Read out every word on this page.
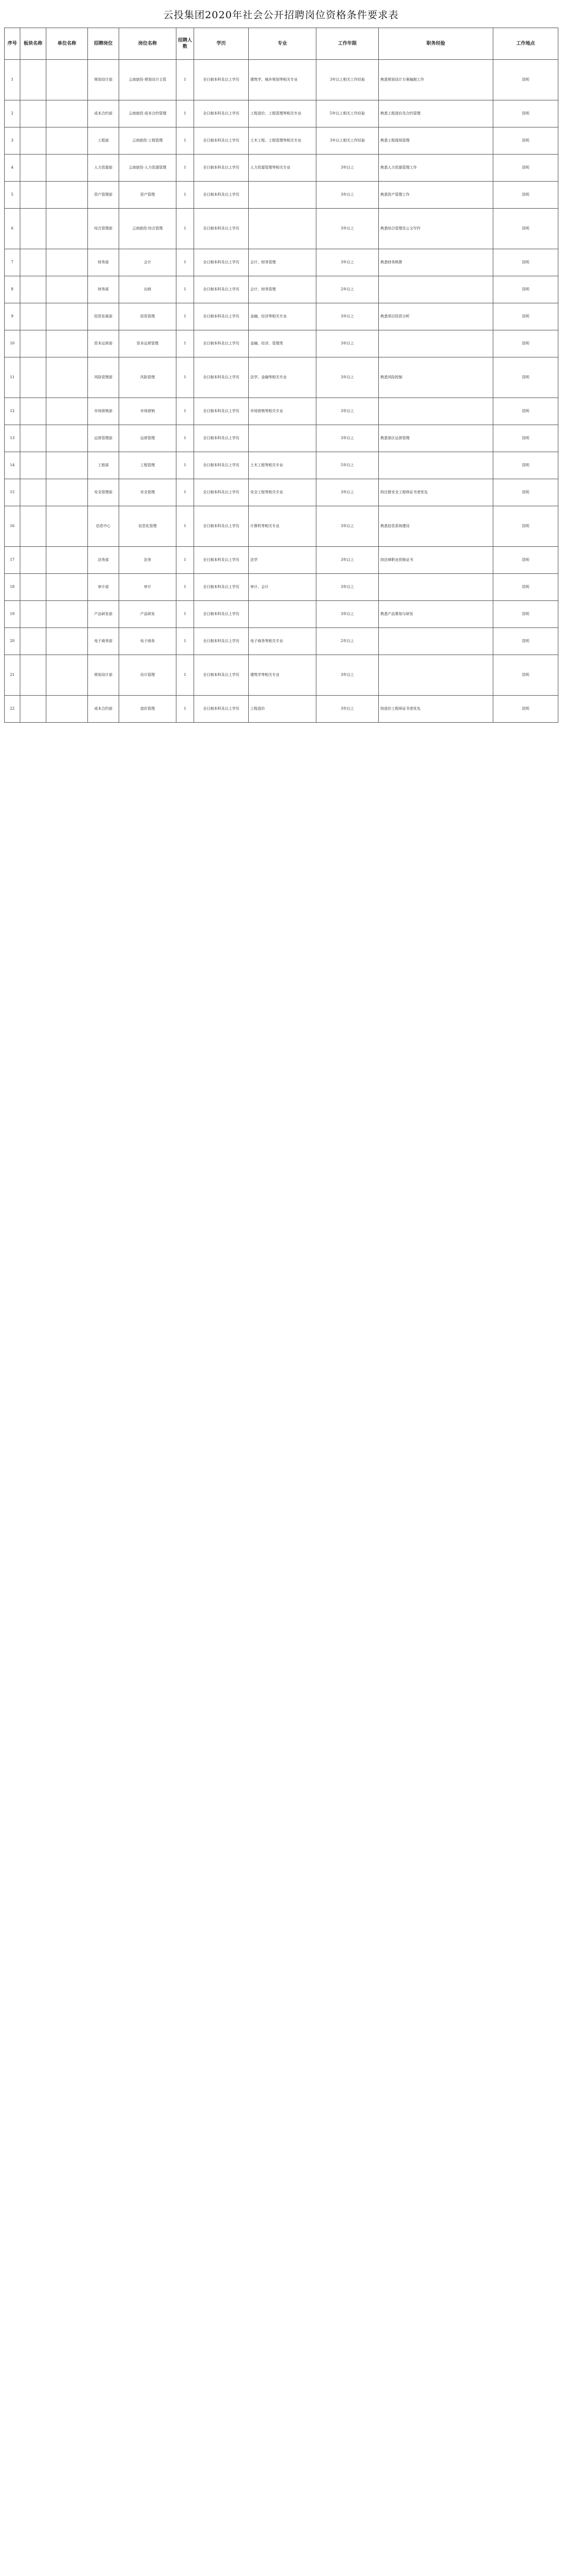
云投集团2020年社会公开招聘岗位资格条件要求表
序号	板块名称	单位名称	招聘岗位	岗位名称	招聘人数	学历	专业	工作年限	职务经验	工作地点
1			规划设计部	云南旅投·规划设计主管	1	全日制本科及以上学历	建筑学、城乡规划等相关专业	3年以上相关工作经验	熟悉规划设计方案编制工作	昆明
2			成本合约部	云南旅投·成本合约管理	1	全日制本科及以上学历	工程造价、工程管理等相关专业	5年以上相关工作经验	熟悉工程造价及合约管理	昆明
3			工程部	云南旅投·工程管理	1	全日制本科及以上学历	土木工程、工程管理等相关专业	3年以上相关工作经验	熟悉工程现场管理	昆明
4			人力资源部	云南旅投·人力资源管理	1	全日制本科及以上学历	人力资源管理等相关专业	3年以上	熟悉人力资源管理工作	昆明
5			资产管理部	资产管理	1	全日制本科及以上学历		3年以上	熟悉资产管理工作	昆明
6			综合管理部	云南旅投·综合管理	1	全日制本科及以上学历		3年以上	熟悉综合管理及公文写作	昆明
7			财务部	会计	1	全日制本科及以上学历	会计、财务管理	3年以上	熟悉财务核算	昆明
8			财务部	出纳	1	全日制本科及以上学历	会计、财务管理	2年以上		昆明
9			投资发展部	投资管理	1	全日制本科及以上学历	金融、经济等相关专业	3年以上	熟悉项目投资分析	昆明
10			资本运营部	资本运营管理	1	全日制本科及以上学历	金融、经济、管理类	3年以上		昆明
11			风险管理部	风险管理	1	全日制本科及以上学历	法学、金融等相关专业	3年以上	熟悉风险控制	昆明
12			市场营销部	市场营销	1	全日制本科及以上学历	市场营销等相关专业	3年以上		昆明
13			运营管理部	运营管理	1	全日制本科及以上学历		3年以上	熟悉景区运营管理	昆明
14			工程部	工程管理	1	全日制本科及以上学历	土木工程等相关专业	5年以上		昆明
15			安全管理部	安全管理	1	全日制本科及以上学历	安全工程等相关专业	3年以上	持注册安全工程师证书者优先	昆明
16			信息中心	信息化管理	1	全日制本科及以上学历	计算机等相关专业	3年以上	熟悉信息系统建设	昆明
17			法务部	法务	1	全日制本科及以上学历	法学	3年以上	持法律职业资格证书	昆明
18			审计部	审计	1	全日制本科及以上学历	审计、会计	3年以上		昆明
19			产品研发部	产品研发	1	全日制本科及以上学历		3年以上	熟悉产品策划与研发	昆明
20			电子商务部	电子商务	1	全日制本科及以上学历	电子商务等相关专业	2年以上		昆明
21			规划设计部	设计管理	1	全日制本科及以上学历	建筑学等相关专业	3年以上		昆明
22			成本合约部	造价管理	1	全日制本科及以上学历	工程造价	3年以上	持造价工程师证书者优先	昆明
